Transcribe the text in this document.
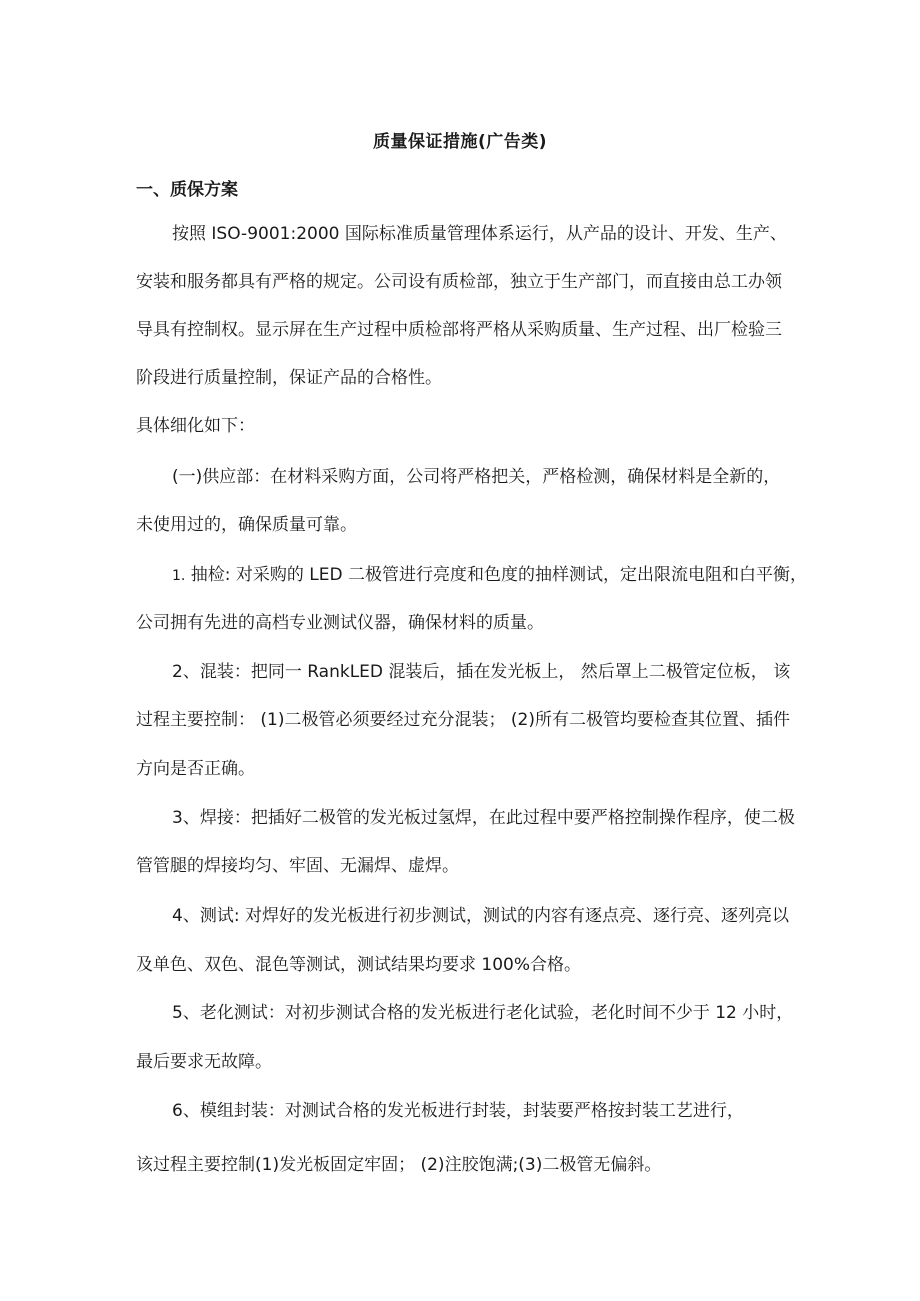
质量保证措施(广告类)
一、质保方案
按照 ISO-9001:2000 国际标准质量管理体系运行，从产品的设计、开发、生产、
安装和服务都具有严格的规定。公司设有质检部，独立于生产部门，而直接由总工办领
导具有控制权。显示屏在生产过程中质检部将严格从采购质量、生产过程、出厂检验三
阶段进行质量控制，保证产品的合格性。
具体细化如下：
(一)供应部：在材料采购方面，公司将严格把关，严格检测，确保材料是全新的，
未使用过的，确保质量可靠。
1. 抽检: 对采购的 LED 二极管进行亮度和色度的抽样测试，定出限流电阻和白平衡，
公司拥有先进的高档专业测试仪器，确保材料的质量。
2、混装：把同一 RankLED 混装后，插在发光板上， 然后罩上二极管定位板， 该
过程主要控制： (1)二极管必须要经过充分混装； (2)所有二极管均要检查其位置、插件
方向是否正确。
3、焊接：把插好二极管的发光板过氢焊，在此过程中要严格控制操作程序，使二极
管管腿的焊接均匀、牢固、无漏焊、虚焊。
4、测试: 对焊好的发光板进行初步测试，测试的内容有逐点亮、逐行亮、逐列亮以
及单色、双色、混色等测试，测试结果均要求 100%合格。
5、老化测试：对初步测试合格的发光板进行老化试验，老化时间不少于 12 小时，
最后要求无故障。
6、模组封装：对测试合格的发光板进行封装，封装要严格按封装工艺进行，
该过程主要控制(1)发光板固定牢固； (2)注胶饱满;(3)二极管无偏斜。
